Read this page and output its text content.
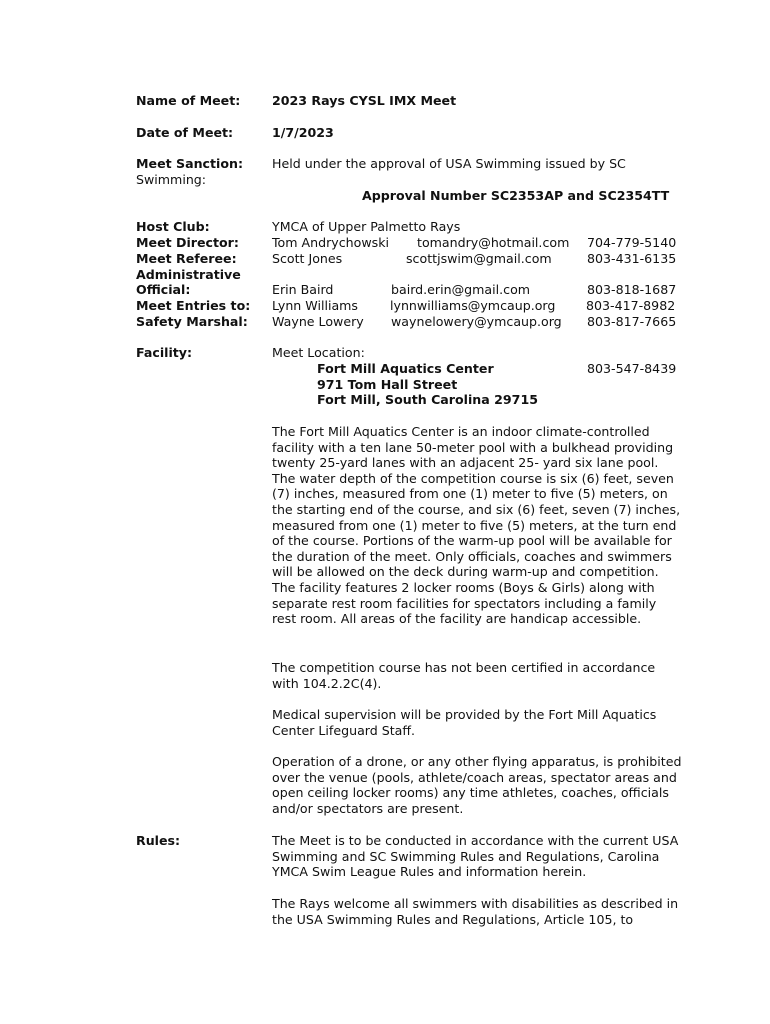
Name of Meet:	2023 Rays CYSL IMX Meet
Date of Meet:	1/7/2023
Meet Sanction:
Swimming:
Held under the approval of USA Swimming issued by SC
Approval Number SC2353AP and SC2354TT
Host Club:	YMCA of Upper Palmetto Rays
Meet Director:	Tom Andrychowski tomandry@hotmail.com 704-779-5140
Meet Referee:	Scott Jones	scottjswim@gmail.com	803-431-6135
Administrative
Official:	Erin Baird	baird.erin@gmail.com	803-818-1687
Meet Entries to: Lynn Williams	lynnwilliams@ymcaup.org 803-417-8982
Safety Marshal: Wayne Lowery waynelowery@ymcaup.org 803-817-7665
Facility:	Meet Location:
Fort Mill Aquatics Center	803-547-8439
971 Tom Hall Street
Fort Mill, South Carolina 29715
The Fort Mill Aquatics Center is an indoor climate-controlled facility with a ten lane 50-meter pool with a bulkhead providing twenty 25-yard lanes with an adjacent 25- yard six lane pool. The water depth of the competition course is six (6) feet, seven (7) inches, measured from one (1) meter to five (5) meters, on the starting end of the course, and six (6) feet, seven (7) inches, measured from one (1) meter to five (5) meters, at the turn end of the course. Portions of the warm-up pool will be available for the duration of the meet. Only officials, coaches and swimmers will be allowed on the deck during warm-up and competition. The facility features 2 locker rooms (Boys & Girls) along with separate rest room facilities for spectators including a family rest room. All areas of the facility are handicap accessible.
The competition course has not been certified in accordance with 104.2.2C(4).
Medical supervision will be provided by the Fort Mill Aquatics Center Lifeguard Staff.
Operation of a drone, or any other flying apparatus, is prohibited over the venue (pools, athlete/coach areas, spectator areas and open ceiling locker rooms) any time athletes, coaches, officials and/or spectators are present.
Rules:	The Meet is to be conducted in accordance with the current USA Swimming and SC Swimming Rules and Regulations, Carolina YMCA Swim League Rules and information herein.
The Rays welcome all swimmers with disabilities as described in the USA Swimming Rules and Regulations, Article 105, to
